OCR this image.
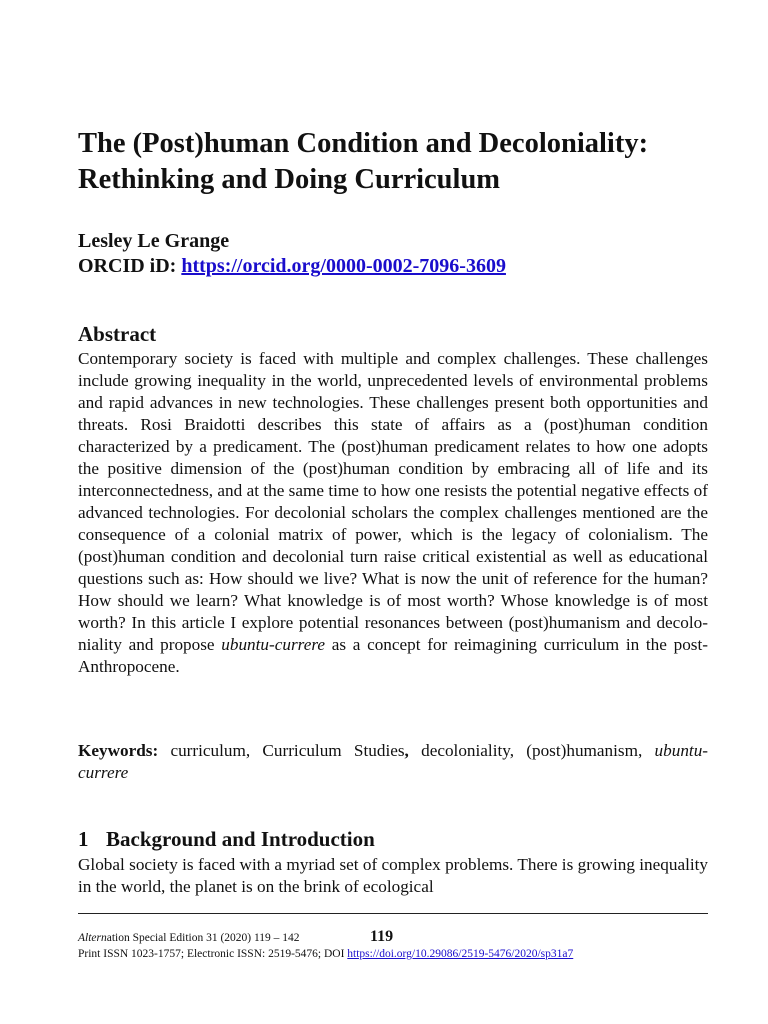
The (Post)human Condition and Decoloniality:
Rethinking and Doing Curriculum
Lesley Le Grange
ORCID iD: https://orcid.org/0000-0002-7096-3609
Abstract

Contemporary society is faced with multiple and complex challenges. These challenges include growing inequality in the world, unprecedented levels of environmental problems and rapid advances in new technologies. These challenges present both opportunities and threats. Rosi Braidotti describes this state of affairs as a (post)human condition characterized by a predicament. The (post)human predicament relates to how one adopts the positive dimension of the (post)human condition by embracing all of life and its interconnectedness, and at the same time to how one resists the potential negative effects of advanced technologies. For decolonial scholars the complex challenges mentioned are the consequence of a colonial matrix of power, which is the legacy of colonialism. The (post)human condition and decolonial turn raise critical existential as well as educational questions such as: How should we live? What is now the unit of reference for the human? How should we learn? What knowledge is of most worth? Whose knowledge is of most worth? In this article I explore potential resonances between (post)humanism and decolo-niality and propose ubuntu-currere as a concept for reimagining curriculum in the post-Anthropocene.

Keywords: curriculum, Curriculum Studies, decoloniality, (post)humanism, ubuntu-currere

1 Background and Introduction

Global society is faced with a myriad set of complex problems. There is growing inequality in the world, the planet is on the brink of ecological

Alternation Special Edition 31 (2020) 119 – 142	119
Print ISSN 1023-1757; Electronic ISSN: 2519-5476; DOI https://doi.org/10.29086/2519-5476/2020/sp31a7
